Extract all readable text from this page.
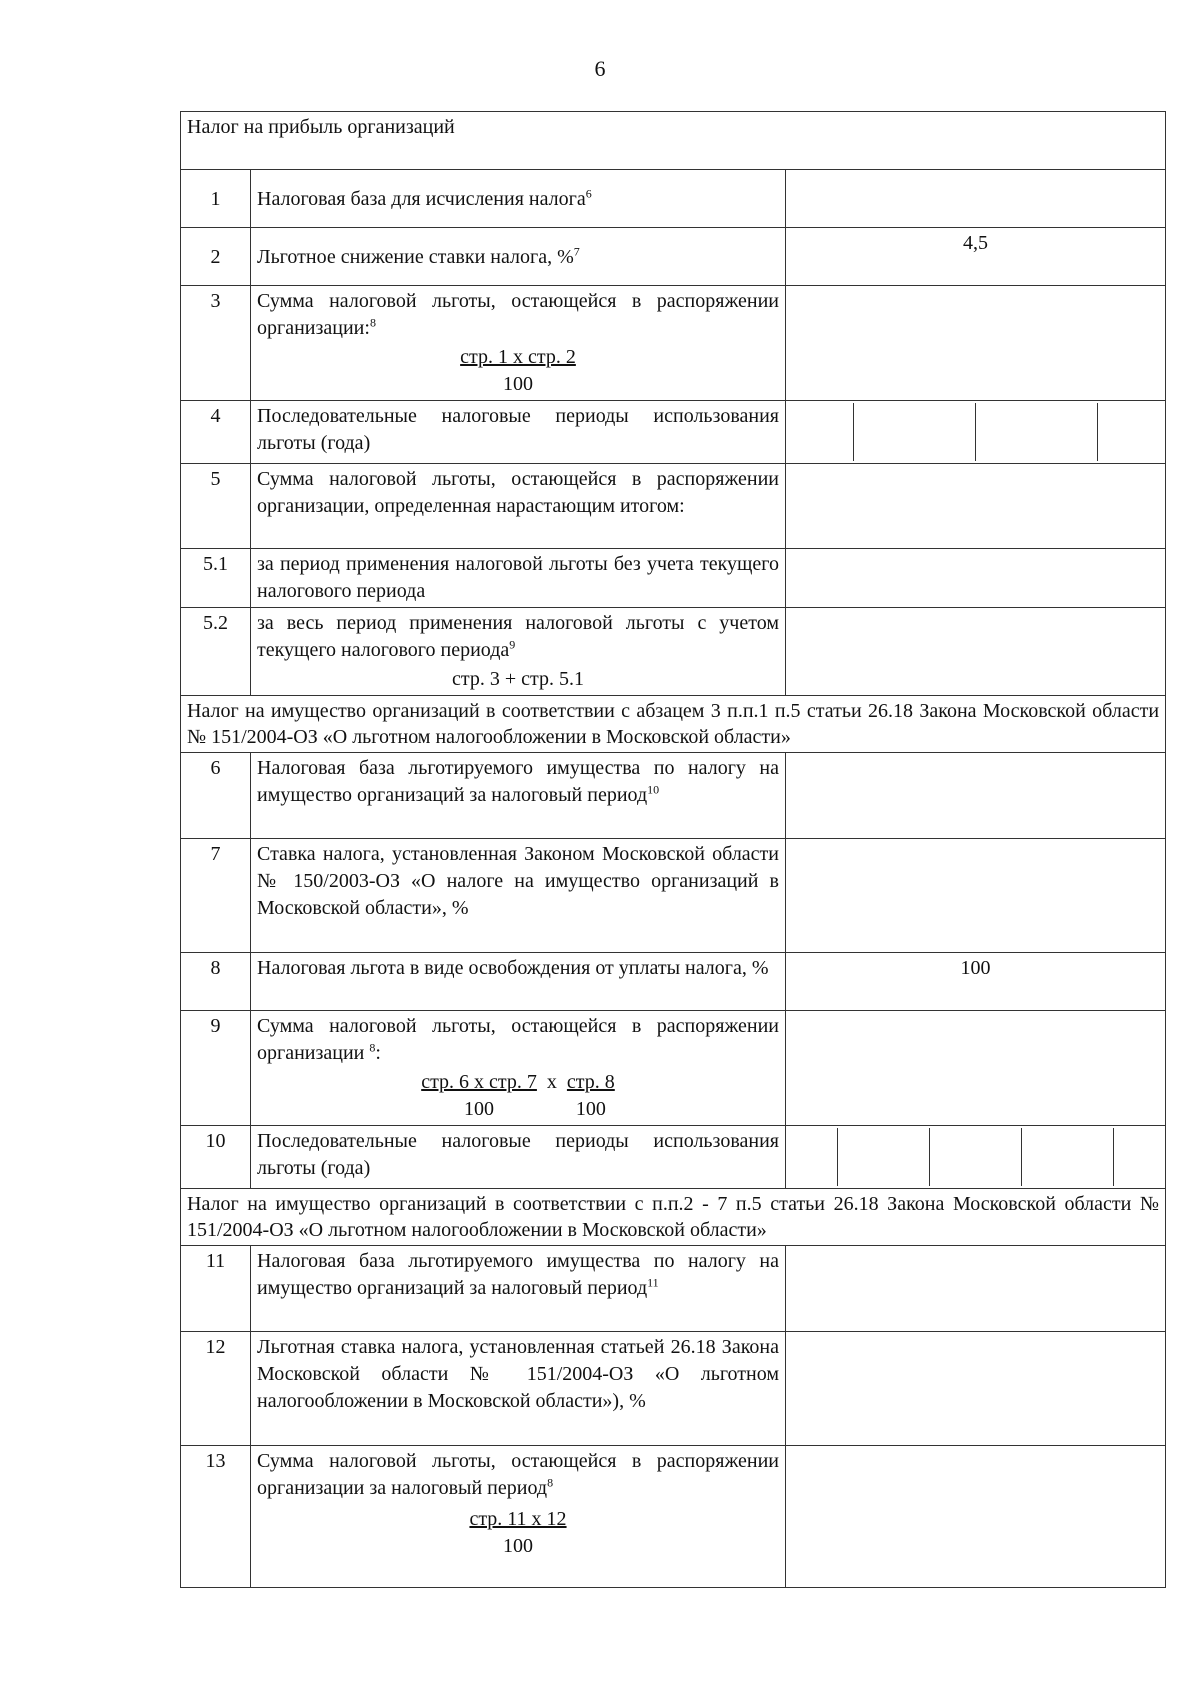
6
Налог на прибыль организаций
1	Налоговая база для исчисления налога$^6$	
2	Льготное снижение ставки налога, %$^7$	4,5
3	Сумма налоговой льготы, остающейся в распоряжении организации:$^8$
$\frac{\text{стр. 1 х стр. 2}}{100}$

4	Последовательные налоговые периоды использования льготы (года)	

5	Сумма налоговой льготы, остающейся в распоряжении организации, определенная нарастающим итогом:	
5.1	за период применения налоговой льготы без учета текущего налогового периода	
5.2	за весь период применения налоговой льготы с учетом текущего налогового периода$^9$
стр. 3 + стр. 5.1

Налог на имущество организаций в соответствии с абзацем 3 п.п.1 п.5 статьи 26.18 Закона Московской области № 151/2004-ОЗ «О льготном налогообложении в Московской области»
6	Налоговая база льготируемого имущества по налогу на имущество организаций за налоговый период$^{10}$	
7	Ставка налога, установленная Законом Московской области № 150/2003-ОЗ «О налоге на имущество организаций в Московской области», %	
8	Налоговая льгота в виде освобождения от уплаты налога, %	100
9	Сумма налоговой льготы, остающейся в распоряжении организации $^8$:
$\frac{\text{стр. 6 х стр. 7}}{100}$ х $\frac{\text{стр. 8}}{100}$

10	Последовательные налоговые периоды использования льготы (года)	

Налог на имущество организаций в соответствии с п.п.2 - 7 п.5 статьи 26.18 Закона Московской области № 151/2004-ОЗ «О льготном налогообложении в Московской области»
11	Налоговая база льготируемого имущества по налогу на имущество организаций за налоговый период$^{11}$	
12	Льготная ставка налога, установленная статьей 26.18 Закона Московской области № 151/2004-ОЗ «О льготном налогообложении в Московской области»), %	
13	Сумма налоговой льготы, остающейся в распоряжении организации за налоговый период$^8$
$\frac{\text{стр. 11 х 12}}{100}$
